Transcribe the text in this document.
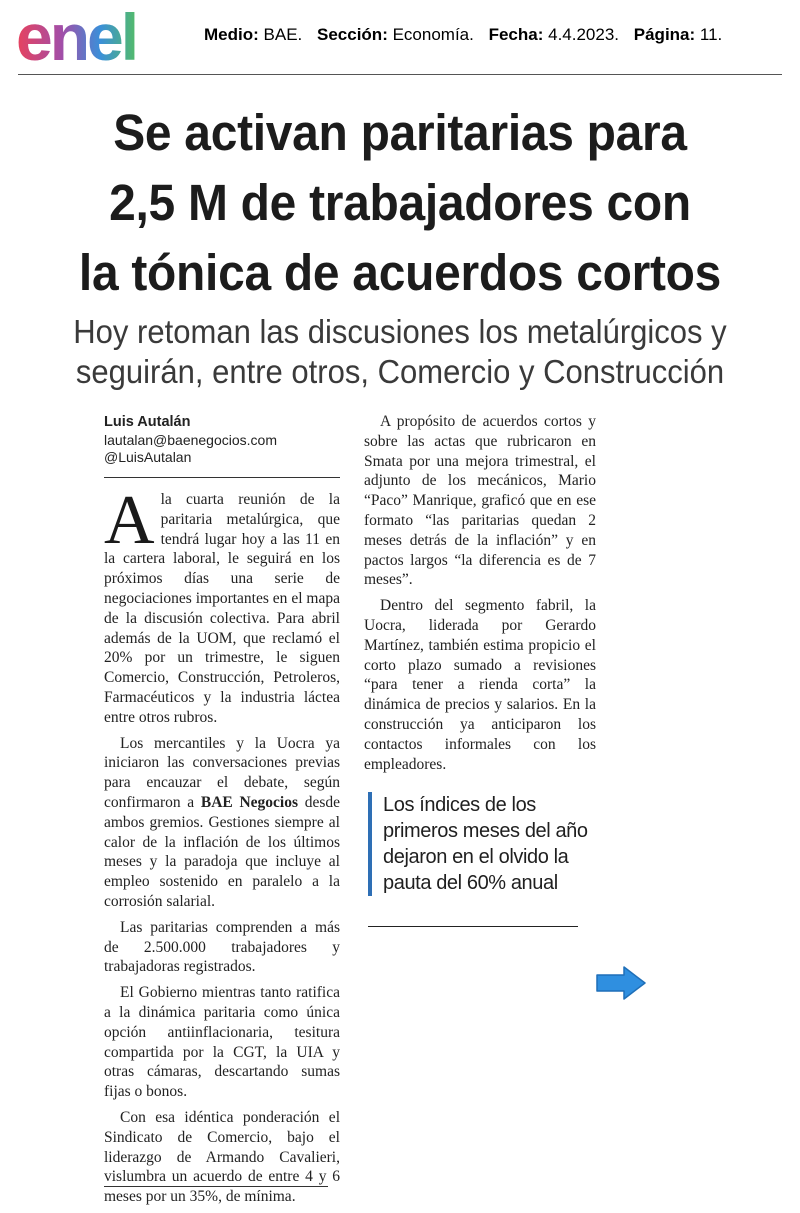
enel	Medio: BAE. Sección: Economía. Fecha: 4.4.2023. Página: 11.
Se activan paritarias para
2,5 M de trabajadores con
la tónica de acuerdos cortos
Hoy retoman las discusiones los metalúrgicos y
seguirán, entre otros, Comercio y Construcción
Luis Autalán
lautalan@baenegocios.com
@LuisAutalan

Ala cuarta reunión de la paritaria metalúrgica, que tendrá lugar hoy a las 11 en la cartera laboral, le seguirá en los próximos días una serie de negociaciones importantes en el mapa de la discusión colectiva. Para abril además de la UOM, que reclamó el 20% por un trimestre, le siguen Comercio, Construcción, Petroleros, Farmacéuticos y la industria láctea entre otros rubros.

Los mercantiles y la Uocra ya iniciaron las conversaciones previas para encauzar el debate, según confirmaron a BAE Negocios desde ambos gremios. Gestiones siempre al calor de la inflación de los últimos meses y la paradoja que incluye al empleo sostenido en paralelo a la corrosión salarial.

Las paritarias comprenden a más de 2.500.000 trabajadores y trabajadoras registrados.

El Gobierno mientras tanto ratifica a la dinámica paritaria como única opción antiinflacionaria, tesitura compartida por la CGT, la UIA y otras cámaras, descartando sumas fijas o bonos.

Con esa idéntica ponderación el Sindicato de Comercio, bajo el liderazgo de Armando Cavalieri, vislumbra un acuerdo de entre 4 y 6 meses por un 35%, de mínima.

A propósito de acuerdos cortos y sobre las actas que rubricaron en Smata por una mejora trimestral, el adjunto de los mecánicos, Mario “Paco” Manrique, graficó que en ese formato “las paritarias quedan 2 meses detrás de la inflación” y en pactos largos “la diferencia es de 7 meses”.

Dentro del segmento fabril, la Uocra, liderada por Gerardo Martínez, también estima propicio el corto plazo sumado a revisiones “para tener a rienda corta” la dinámica de precios y salarios. En la construcción ya anticiparon los contactos informales con los empleadores.

Los índices de los primeros meses del año dejaron en el olvido la pauta del 60% anual
